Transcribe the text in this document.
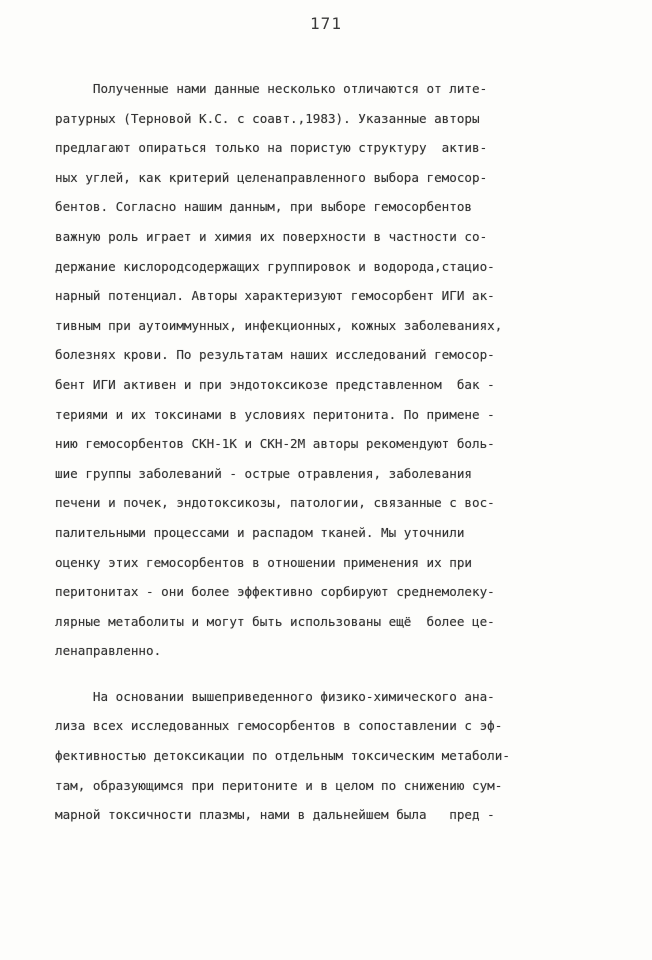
171
Полученные нами данные несколько отличаются от лите-
ратурных (Терновой К.С. с соавт.,1983). Указанные авторы
предлагают опираться только на пористую структуру  актив-
ных углей, как критерий целенаправленного выбора гемосор-
бентов. Согласно нашим данным, при выборе гемосорбентов
важную роль играет и химия их поверхности в частности со-
держание кислородсодержащих группировок и водорода,стацио-
нарный потенциал. Авторы характеризуют гемосорбент ИГИ ак-
тивным при аутоиммунных, инфекционных, кожных заболеваниях,
болезнях крови. По результатам наших исследований гемосор-
бент ИГИ активен и при эндотоксикозе представленном  бак -
териями и их токсинами в условиях перитонита. По примене -
нию гемосорбентов СКН-1К и СКН-2М авторы рекомендуют боль-
шие группы заболеваний - острые отравления, заболевания
печени и почек, эндотоксикозы, патологии, связанные с вос-
палительными процессами и распадом тканей. Мы уточнили
оценку этих гемосорбентов в отношении применения их при
перитонитах - они более эффективно сорбируют среднемолеку-
лярные метаболиты и могут быть использованы ещё  более це-
ленаправленно.
На основании вышеприведенного физико-химического ана-
лиза всех исследованных гемосорбентов в сопоставлении с эф-
фективностью детоксикации по отдельным токсическим метаболи-
там, образующимся при перитоните и в целом по снижению сум-
марной токсичности плазмы, нами в дальнейшем была   пред -
